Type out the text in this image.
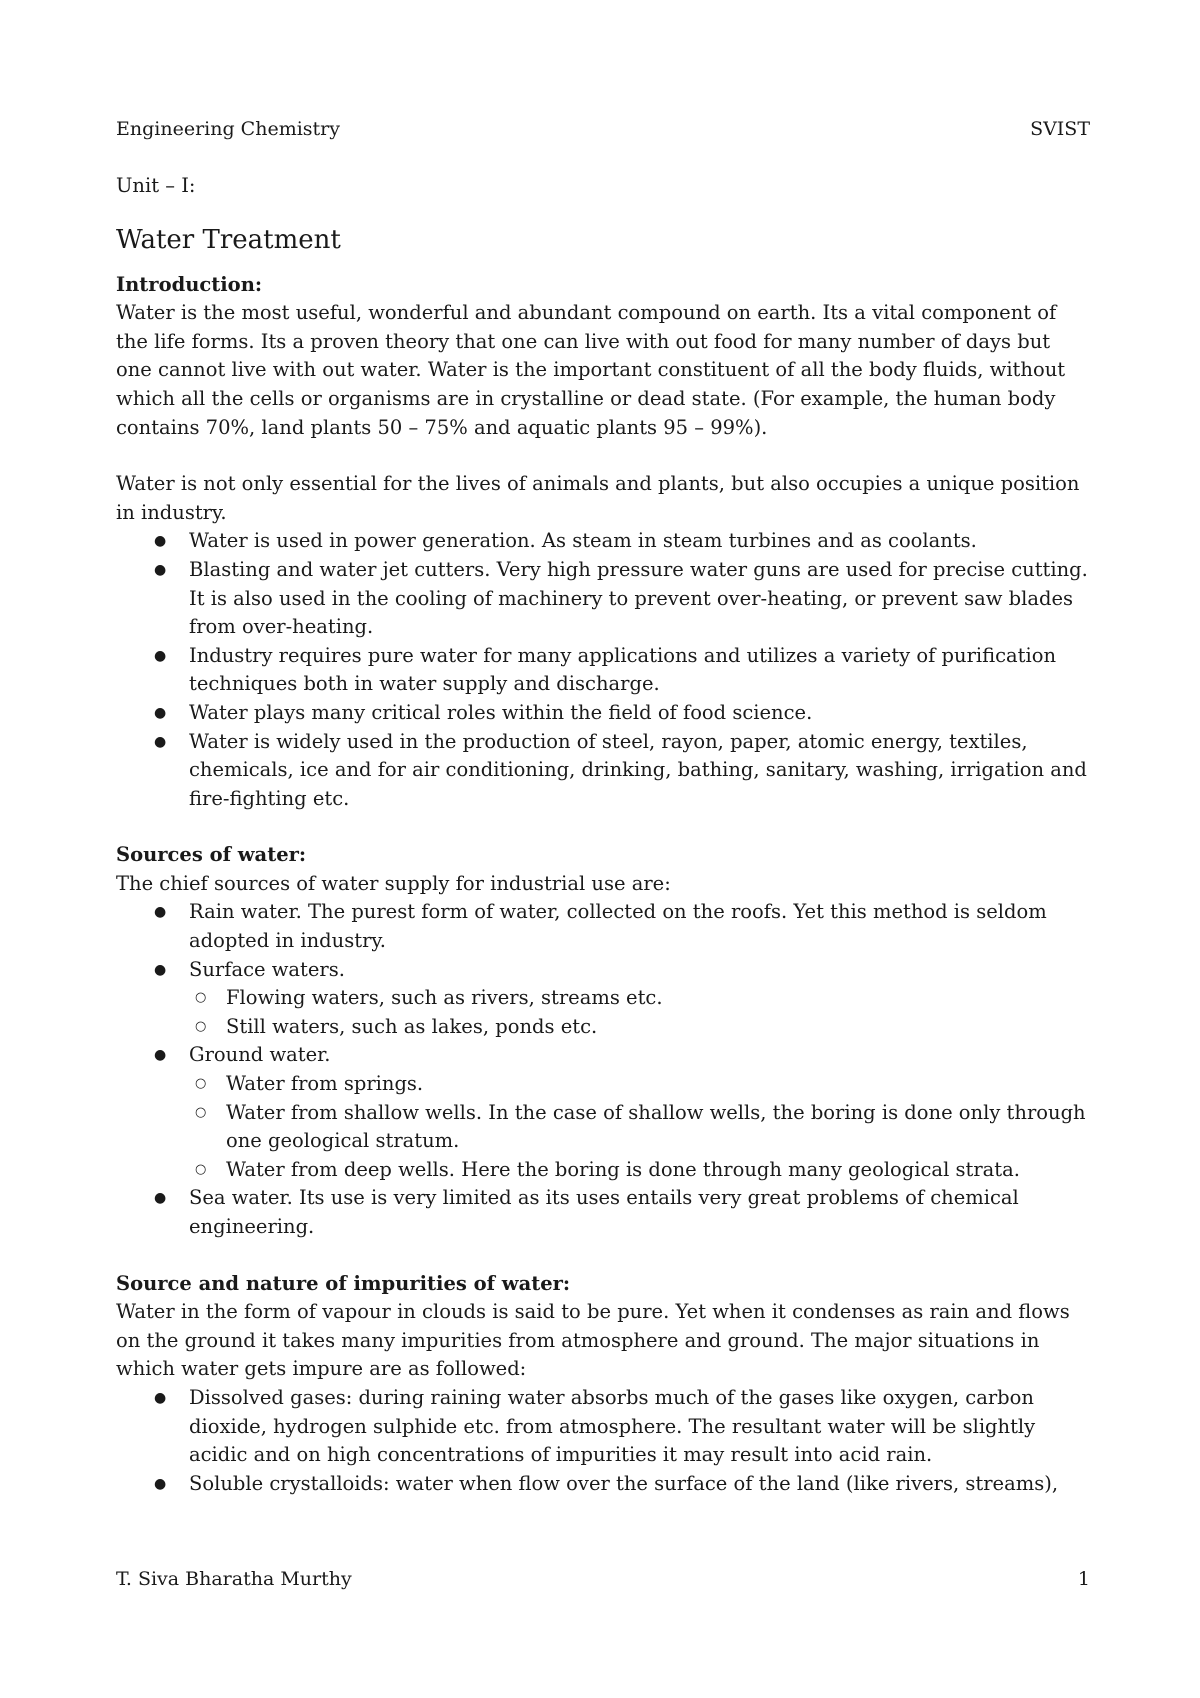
Engineering Chemistry	SVIST

Unit – I:

Water Treatment

Introduction:

Water is the most useful, wonderful and abundant compound on earth. Its a vital component of the life forms. Its a proven theory that one can live with out food for many number of days but one cannot live with out water. Water is the important constituent of all the body fluids, without which all the cells or organisms are in crystalline or dead state. (For example, the human body contains 70%, land plants 50 – 75% and aquatic plants 95 – 99%).

Water is not only essential for the lives of animals and plants, but also occupies a unique position in industry.

● Water is used in power generation. As steam in steam turbines and as coolants.
● Blasting and water jet cutters. Very high pressure water guns are used for precise cutting. It is also used in the cooling of machinery to prevent over-heating, or prevent saw blades from over-heating.
● Industry requires pure water for many applications and utilizes a variety of purification techniques both in water supply and discharge.
● Water plays many critical roles within the field of food science.
● Water is widely used in the production of steel, rayon, paper, atomic energy, textiles, chemicals, ice and for air conditioning, drinking, bathing, sanitary, washing, irrigation and fire-fighting etc.

Sources of water:

The chief sources of water supply for industrial use are:

● Rain water. The purest form of water, collected on the roofs. Yet this method is seldom adopted in industry.
● Surface waters.
○ Flowing waters, such as rivers, streams etc.
○ Still waters, such as lakes, ponds etc.
● Ground water.
○ Water from springs.
○ Water from shallow wells. In the case of shallow wells, the boring is done only through one geological stratum.
○ Water from deep wells. Here the boring is done through many geological strata.
● Sea water. Its use is very limited as its uses entails very great problems of chemical engineering.

Source and nature of impurities of water:

Water in the form of vapour in clouds is said to be pure. Yet when it condenses as rain and flows on the ground it takes many impurities from atmosphere and ground. The major situations in which water gets impure are as followed:

● Dissolved gases: during raining water absorbs much of the gases like oxygen, carbon dioxide, hydrogen sulphide etc. from atmosphere. The resultant water will be slightly acidic and on high concentrations of impurities it may result into acid rain.
● Soluble crystalloids: water when flow over the surface of the land (like rivers, streams),
T. Siva Bharatha Murthy	1
